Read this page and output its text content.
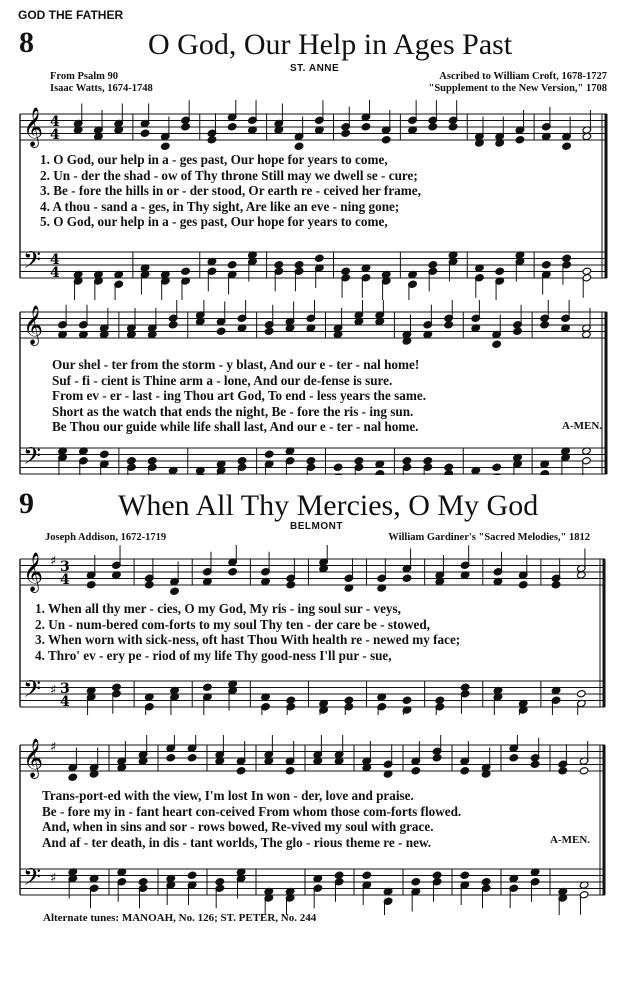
GOD THE FATHER
8	O God, Our Help in Ages Past
ST. ANNE
From Psalm 90
Isaac Watts, 1674-1748
Ascribed to William Croft, 1678-1727
"Supplement to the New Version," 1708
𝄞
𝄢
4
4
4
4
1. O God, our help in a - ges past, Our hope for years to come,
2. Un - der the shad - ow of Thy throne Still may we dwell se - cure;
3. Be - fore the hills in or - der stood, Or earth re - ceived her frame,
4. A thou - sand a - ges, in Thy sight, Are like an eve - ning gone;
5. O God, our help in a - ges past, Our hope for years to come,
𝄞
𝄢
Our shel - ter from the storm - y blast, And our e - ter - nal home!
Suf - fi - cient is Thine arm a - lone, And our de-fense is sure.
From ev - er - last - ing Thou art God, To end - less years the same.
Short as the watch that ends the night, Be - fore the ris - ing sun.
Be Thou our guide while life shall last, And our e - ter - nal home.	A-MEN.
9	When All Thy Mercies, O My God
BELMONT
Joseph Addison, 1672-1719	William Gardiner's "Sacred Melodies," 1812
𝄞
𝄢
♯
♯
3
4
3
4
1. When all thy mer - cies, O my God, My ris - ing soul sur - veys,
2. Un - num-bered com-forts to my soul Thy ten - der care be - stowed,
3. When worn with sick-ness, oft hast Thou With health re - newed my face;
4. Thro' ev - ery pe - riod of my life Thy good-ness I'll pur - sue,
𝄞
𝄢
♯
♯
Trans-port-ed with the view, I'm lost In won - der, love and praise.
Be - fore my in - fant heart con-ceived From whom those com-forts flowed.
And, when in sins and sor - rows bowed, Re-vived my soul with grace.
And af - ter death, in dis - tant worlds, The glo - rious theme re - new.	A-MEN.
Alternate tunes: MANOAH, No. 126; ST. PETER, No. 244
